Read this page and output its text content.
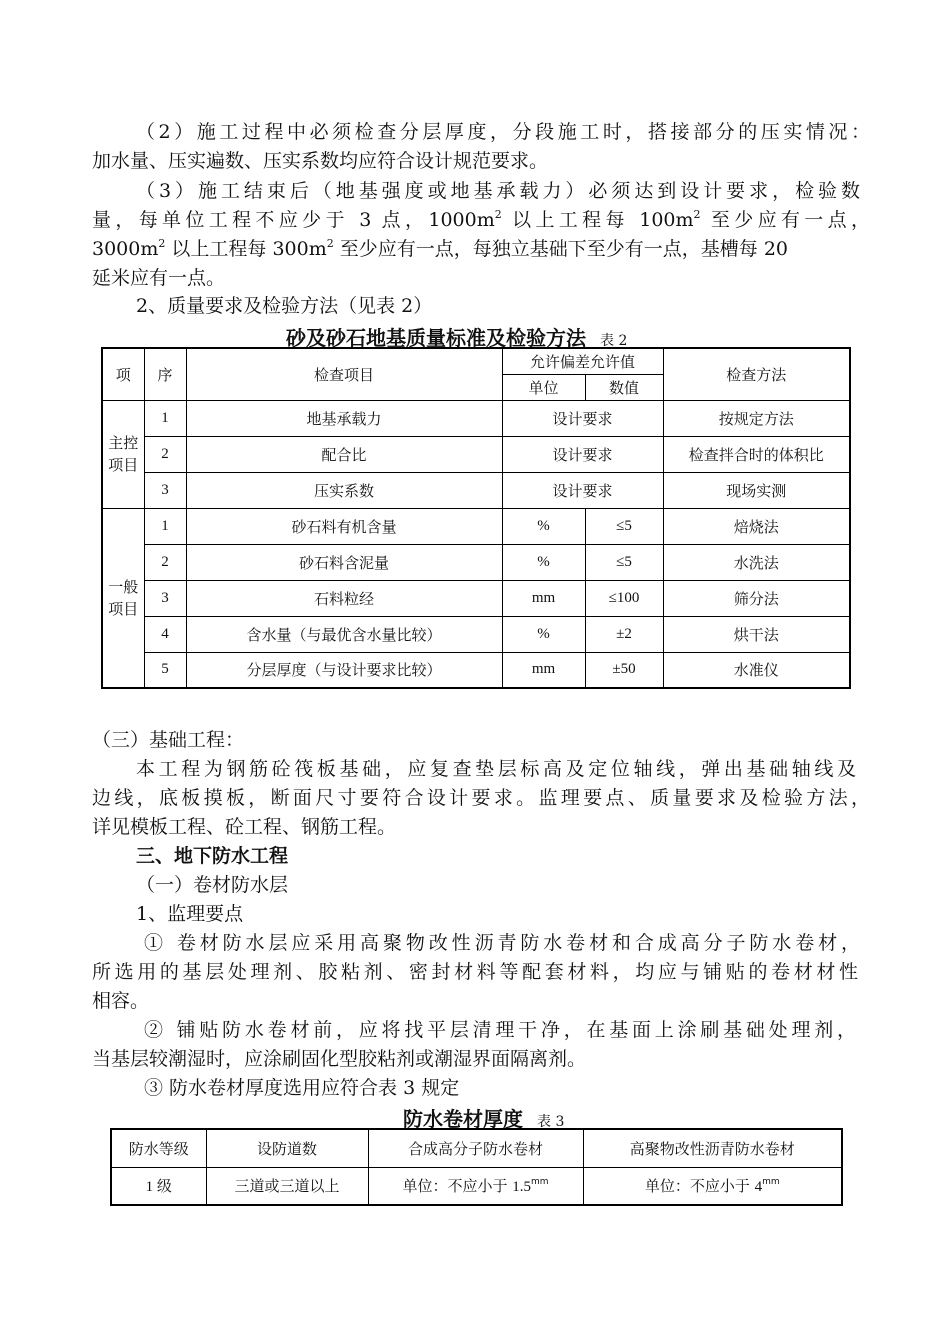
（2）施工过程中必须检查分层厚度，分段施工时，搭接部分的压实情况：
加水量、压实遍数、压实系数均应符合设计规范要求。
（3）施工结束后（地基强度或地基承载力）必须达到设计要求，检验数
量，每单位工程不应少于 3 点，$1000m^2$ 以上工程每 $100m^2$ 至少应有一点，
$3000m^2$ 以上工程每 $300m^2$ 至少应有一点，每独立基础下至少有一点，基槽每 20
延米应有一点。
2、质量要求及检验方法（见表 2）
砂及砂石地基质量标准及检验方法 表 2
项	序	检查项目	允许偏差允许值		检查方法
			单位	数值	
主控项目	1	地基承载力	设计要求		按规定方法
	2	配合比	设计要求		检查拌合时的体积比
	3	压实系数	设计要求		现场实测
一般项目	1	砂石料有机含量	%	≤5	焙烧法
	2	砂石料含泥量	%	≤5	水洗法
	3	石料粒经	mm	≤100	筛分法
	4	含水量（与最优含水量比较）	%	±2	烘干法
	5	分层厚度（与设计要求比较）	mm	±50	水准仪
（三）基础工程：
本工程为钢筋砼筏板基础，应复查垫层标高及定位轴线，弹出基础轴线及
边线，底板摸板，断面尺寸要符合设计要求。监理要点、质量要求及检验方法，
详见模板工程、砼工程、钢筋工程。
三、地下防水工程
（一）卷材防水层
1、监理要点
① 卷材防水层应采用高聚物改性沥青防水卷材和合成高分子防水卷材，
所选用的基层处理剂、胶粘剂、密封材料等配套材料，均应与铺贴的卷材材性
相容。
② 铺贴防水卷材前，应将找平层清理干净，在基面上涂刷基础处理剂，
当基层较潮湿时，应涂刷固化型胶粘剂或潮湿界面隔离剂。
③ 防水卷材厚度选用应符合表 3 规定
防水卷材厚度 表 3
防水等级	设防道数	合成高分子防水卷材	高聚物改性沥青防水卷材
1 级	三道或三道以上	单位：不应小于 $1.5^{mm}$	单位：不应小于 $4^{mm}$
